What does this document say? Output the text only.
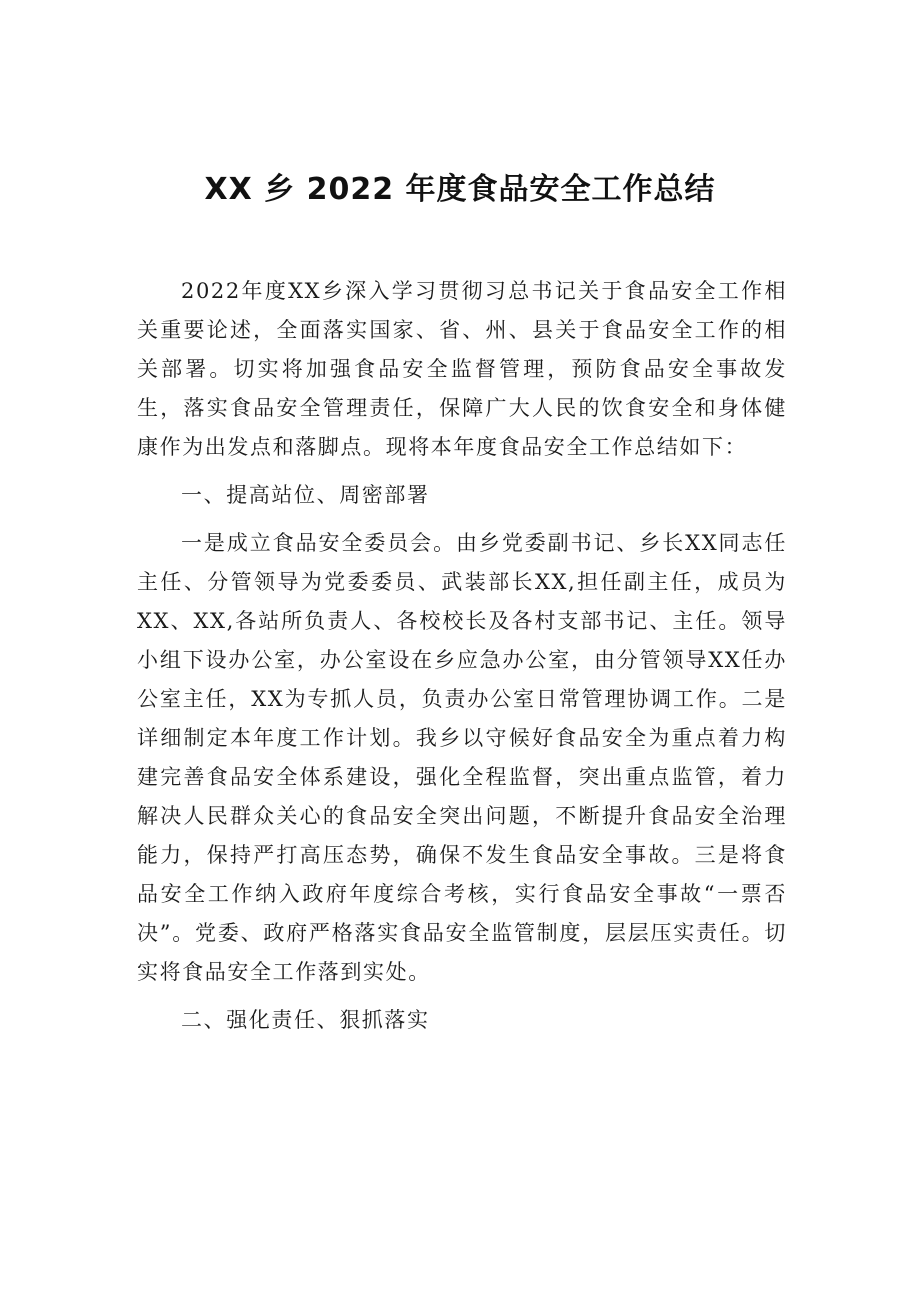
XX 乡 2022 年度食品安全工作总结

2022年度XX乡深入学习贯彻习总书记关于食品安全工作相关重要论述，全面落实国家、省、州、县关于食品安全工作的相关部署。切实将加强食品安全监督管理，预防食品安全事故发生，落实食品安全管理责任，保障广大人民的饮食安全和身体健康作为出发点和落脚点。现将本年度食品安全工作总结如下：

一、提高站位、周密部署

一是成立食品安全委员会。由乡党委副书记、乡长XX同志任主任、分管领导为党委委员、武装部长XX,担任副主任，成员为XX、XX,各站所负责人、各校校长及各村支部书记、主任。领导小组下设办公室，办公室设在乡应急办公室，由分管领导XX任办公室主任，XX为专抓人员，负责办公室日常管理协调工作。二是详细制定本年度工作计划。我乡以守候好食品安全为重点着力构建完善食品安全体系建设，强化全程监督，突出重点监管，着力解决人民群众关心的食品安全突出问题，不断提升食品安全治理能力，保持严打高压态势，确保不发生食品安全事故。三是将食品安全工作纳入政府年度综合考核，实行食品安全事故“一票否决”。党委、政府严格落实食品安全监管制度，层层压实责任。切实将食品安全工作落到实处。

二、强化责任、狠抓落实
